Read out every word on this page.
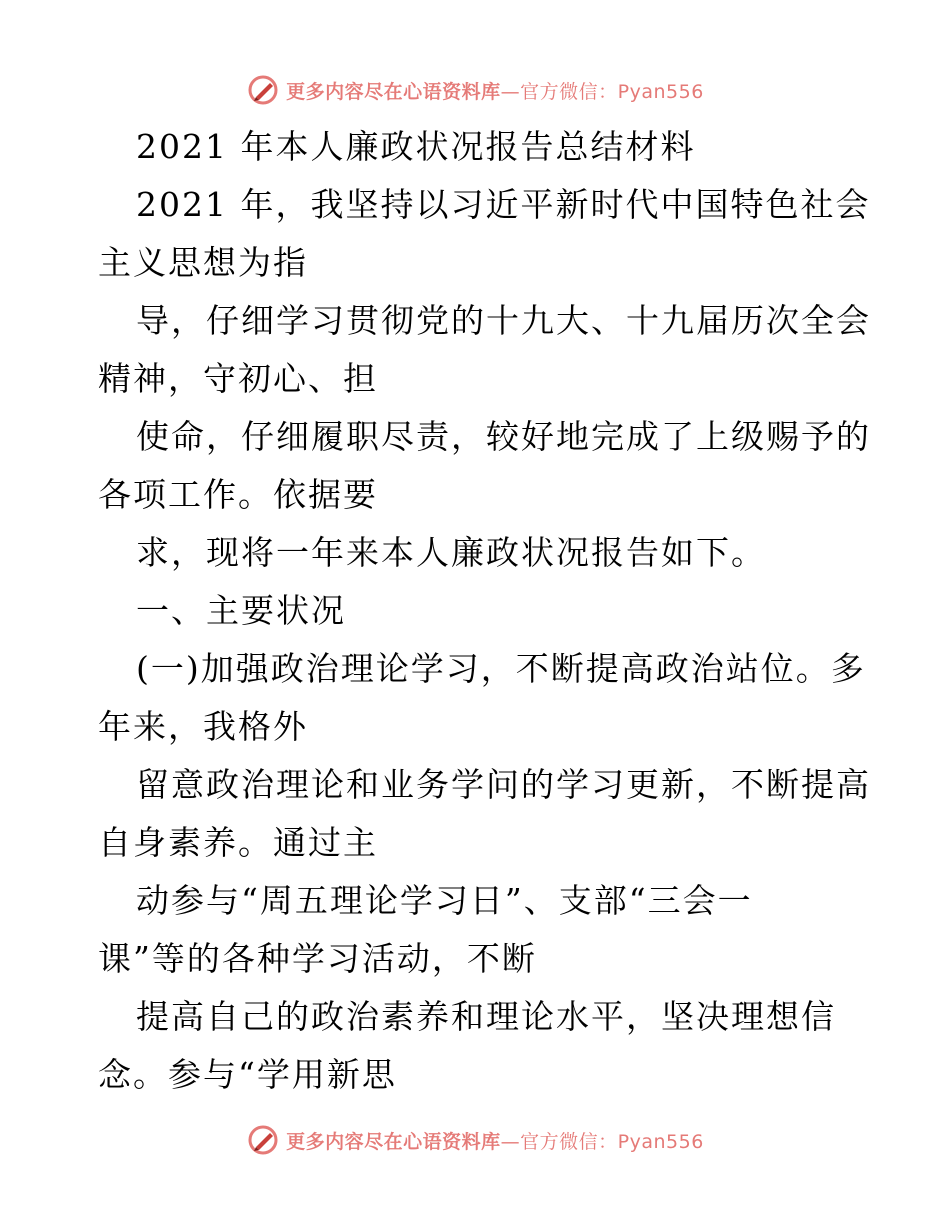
更多内容尽在心语资料库—官方微信：Pyan556
2021 年本人廉政状况报告总结材料
2021 年，我坚持以习近平新时代中国特色社会
主义思想为指
导，仔细学习贯彻党的十九大、十九届历次全会
精神，守初心、担
使命，仔细履职尽责，较好地完成了上级赐予的
各项工作。依据要
求，现将一年来本人廉政状况报告如下。
一、主要状况
(一)加强政治理论学习，不断提高政治站位。多
年来，我格外
留意政治理论和业务学问的学习更新，不断提高
自身素养。通过主
动参与“周五理论学习日”、支部“三会一
课”等的各种学习活动，不断
提高自己的政治素养和理论水平，坚决理想信
念。参与“学用新思
更多内容尽在心语资料库—官方微信：Pyan556
